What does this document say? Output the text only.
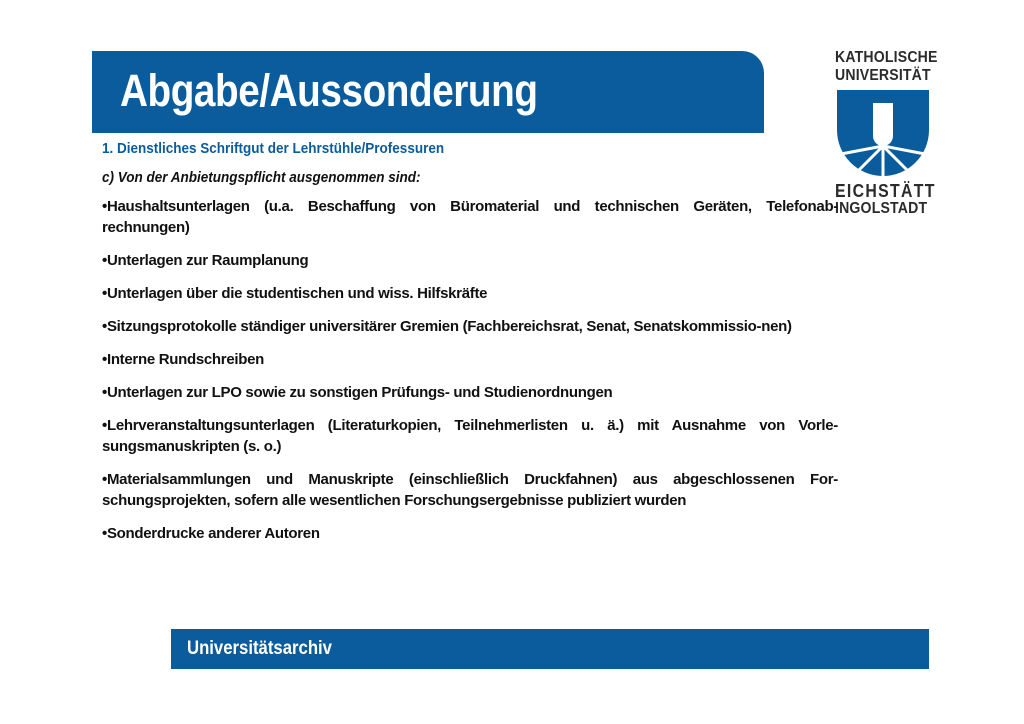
Abgabe/Aussonderung
KATHOLISCHE
UNIVERSITÄT
EICHSTÄTT
INGOLSTADT
1. Dienstliches Schriftgut der Lehrstühle/Professuren
c) Von der Anbietungspflicht ausgenommen sind:
•Haushaltsunterlagen (u.a. Beschaffung von Büromaterial und technischen Geräten, Telefonab-rechnungen)
•Unterlagen zur Raumplanung
•Unterlagen über die studentischen und wiss. Hilfskräfte
•Sitzungsprotokolle ständiger universitärer Gremien (Fachbereichsrat, Senat, Senatskommissio-nen)
•Interne Rundschreiben
•Unterlagen zur LPO sowie zu sonstigen Prüfungs- und Studienordnungen
•Lehrveranstaltungsunterlagen (Literaturkopien, Teilnehmerlisten u. ä.) mit Ausnahme von Vorle-sungsmanuskripten (s. o.)
•Materialsammlungen und Manuskripte (einschließlich Druckfahnen) aus abgeschlossenen For-schungsprojekten, sofern alle wesentlichen Forschungsergebnisse publiziert wurden
•Sonderdrucke anderer Autoren
Universitätsarchiv
